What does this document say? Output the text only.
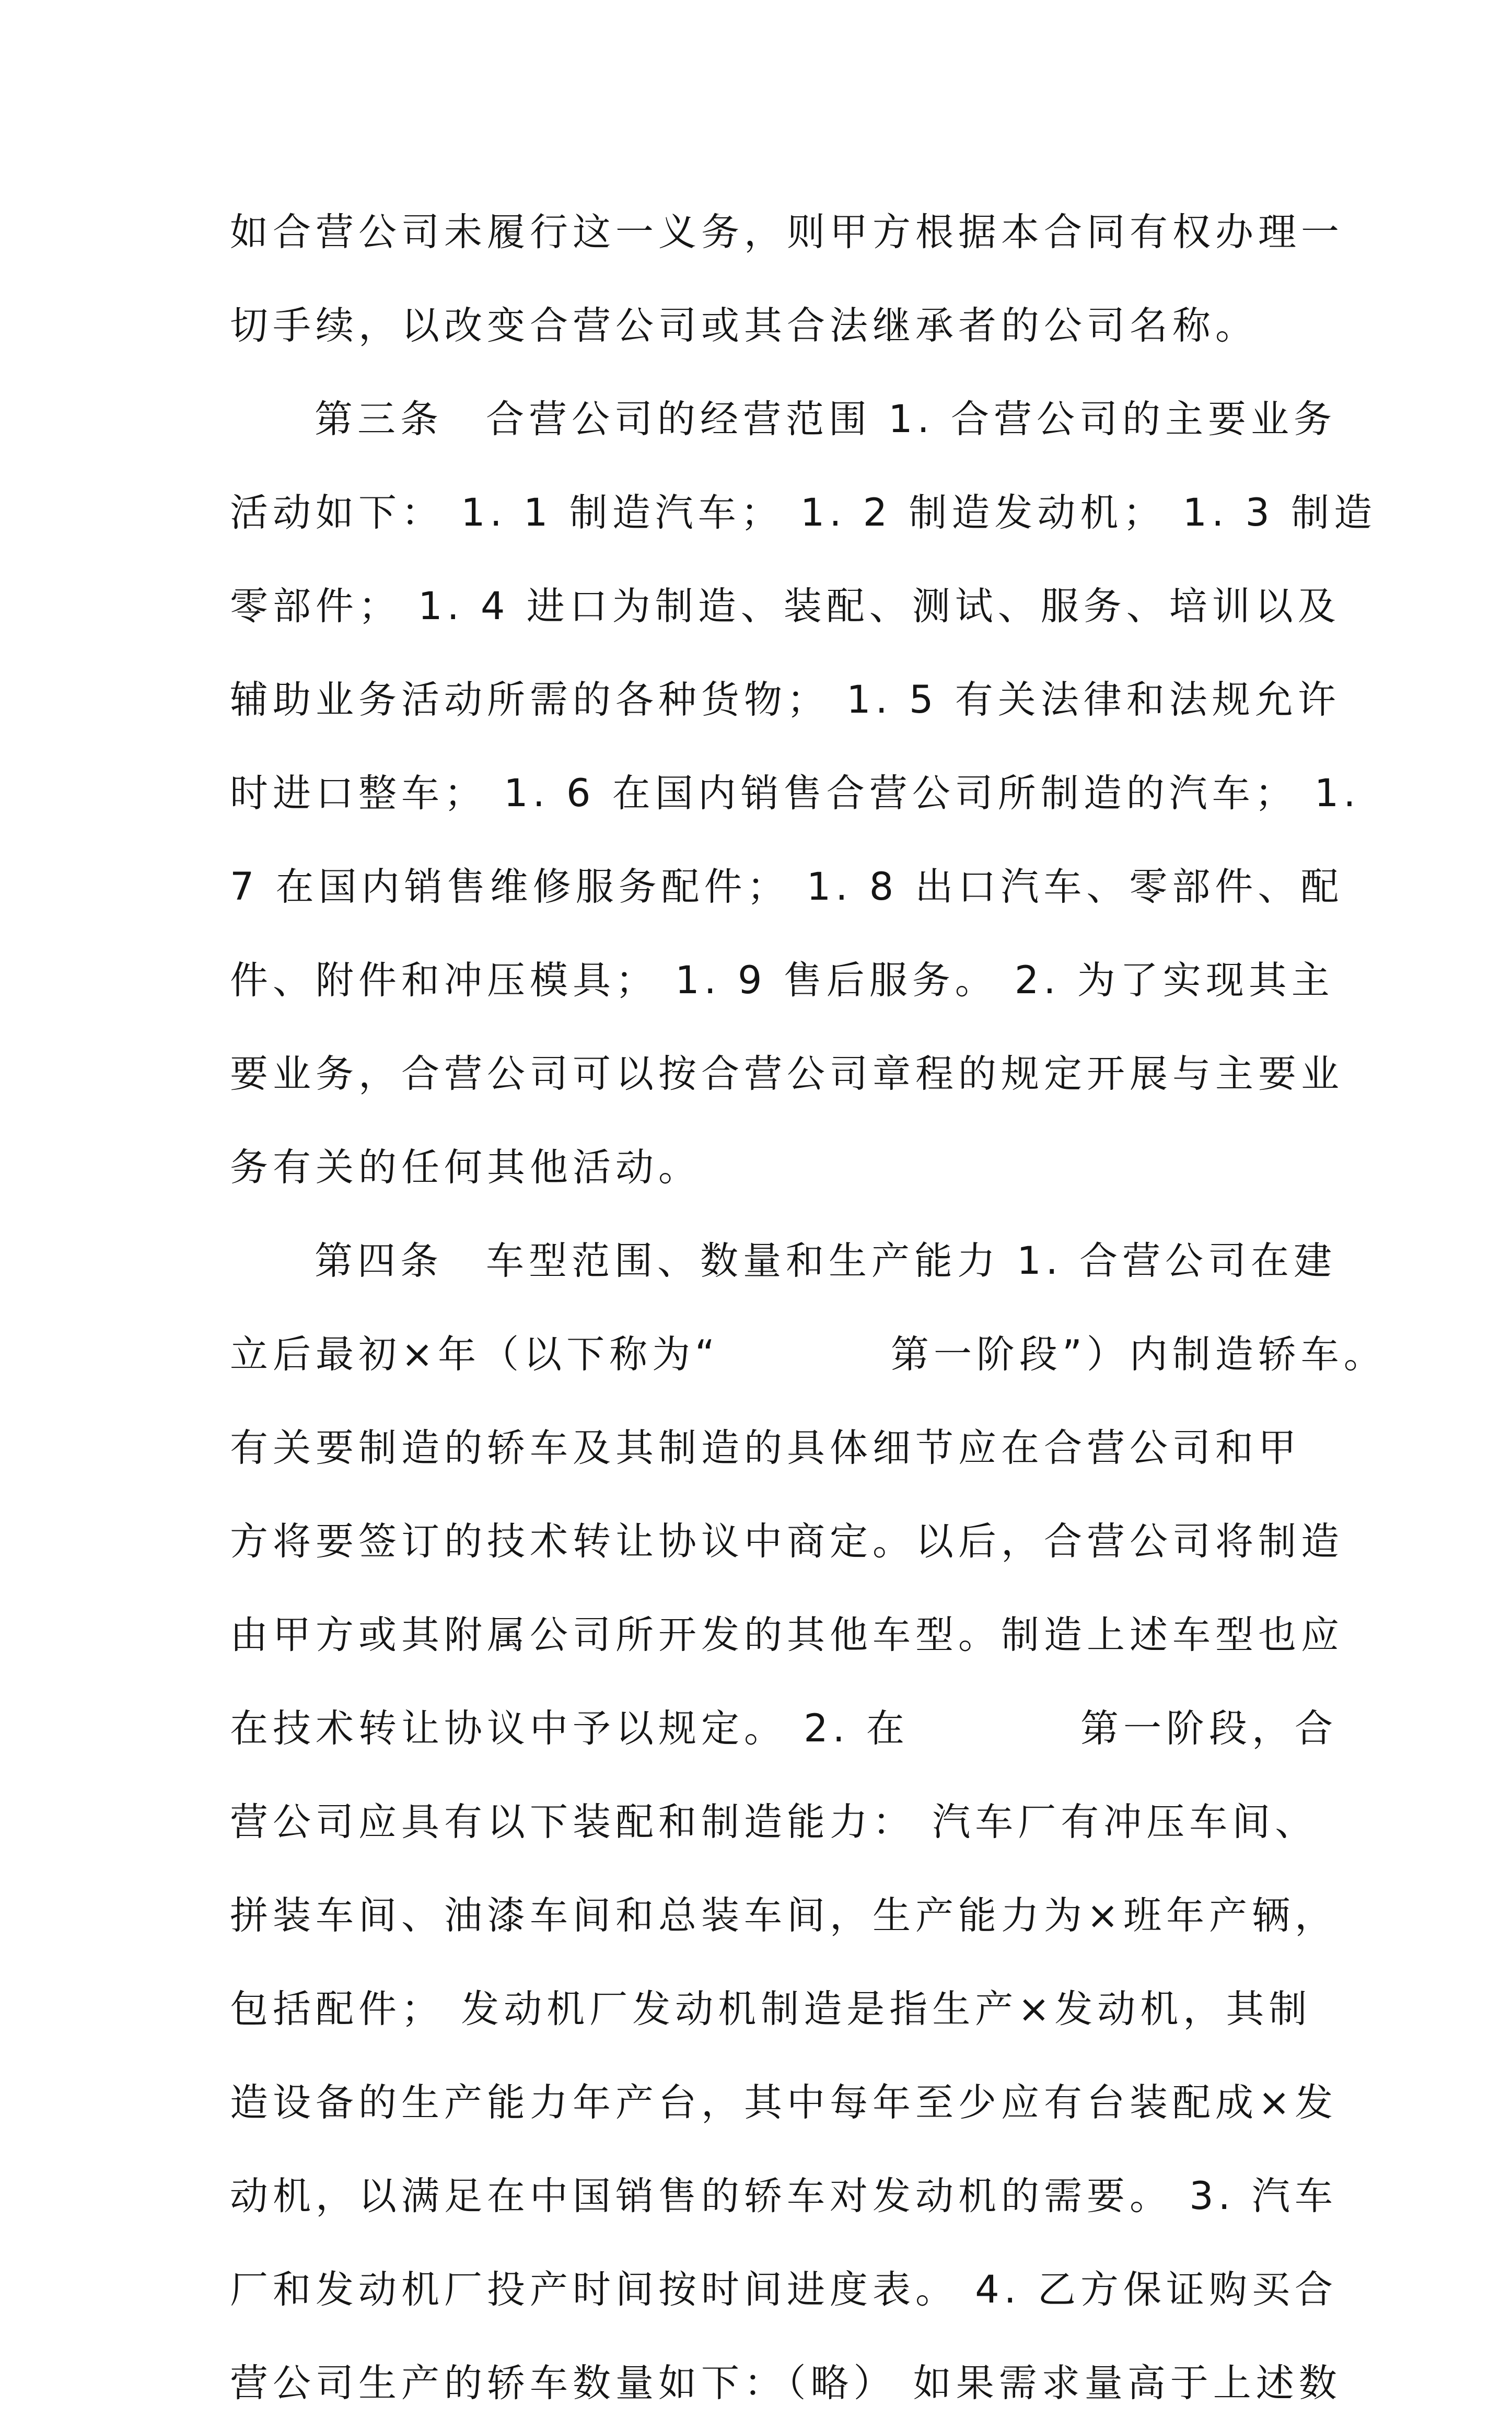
如合营公司未履行这一义务，则甲方根据本合同有权办理一
切手续，以改变合营公司或其合法继承者的公司名称。
第三条　合营公司的经营范围 1. 合营公司的主要业务
活动如下： 1. 1 制造汽车； 1. 2 制造发动机； 1. 3 制造
零部件； 1. 4 进口为制造、装配、测试、服务、培训以及
辅助业务活动所需的各种货物； 1. 5 有关法律和法规允许
时进口整车； 1. 6 在国内销售合营公司所制造的汽车； 1.
7 在国内销售维修服务配件； 1. 8 出口汽车、零部件、配
件、附件和冲压模具； 1. 9 售后服务。 2. 为了实现其主
要业务，合营公司可以按合营公司章程的规定开展与主要业
务有关的任何其他活动。
第四条　车型范围、数量和生产能力 1. 合营公司在建
立后最初×年（以下称为“　　　　第一阶段”）内制造轿车。
有关要制造的轿车及其制造的具体细节应在合营公司和甲
方将要签订的技术转让协议中商定。以后，合营公司将制造
由甲方或其附属公司所开发的其他车型。制造上述车型也应
在技术转让协议中予以规定。 2. 在　　　　第一阶段，合
营公司应具有以下装配和制造能力： 汽车厂有冲压车间、
拼装车间、油漆车间和总装车间，生产能力为×班年产辆，
包括配件； 发动机厂发动机制造是指生产×发动机，其制
造设备的生产能力年产台，其中每年至少应有台装配成×发
动机，以满足在中国销售的轿车对发动机的需要。 3. 汽车
厂和发动机厂投产时间按时间进度表。 4. 乙方保证购买合
营公司生产的轿车数量如下：（略） 如果需求量高于上述数
